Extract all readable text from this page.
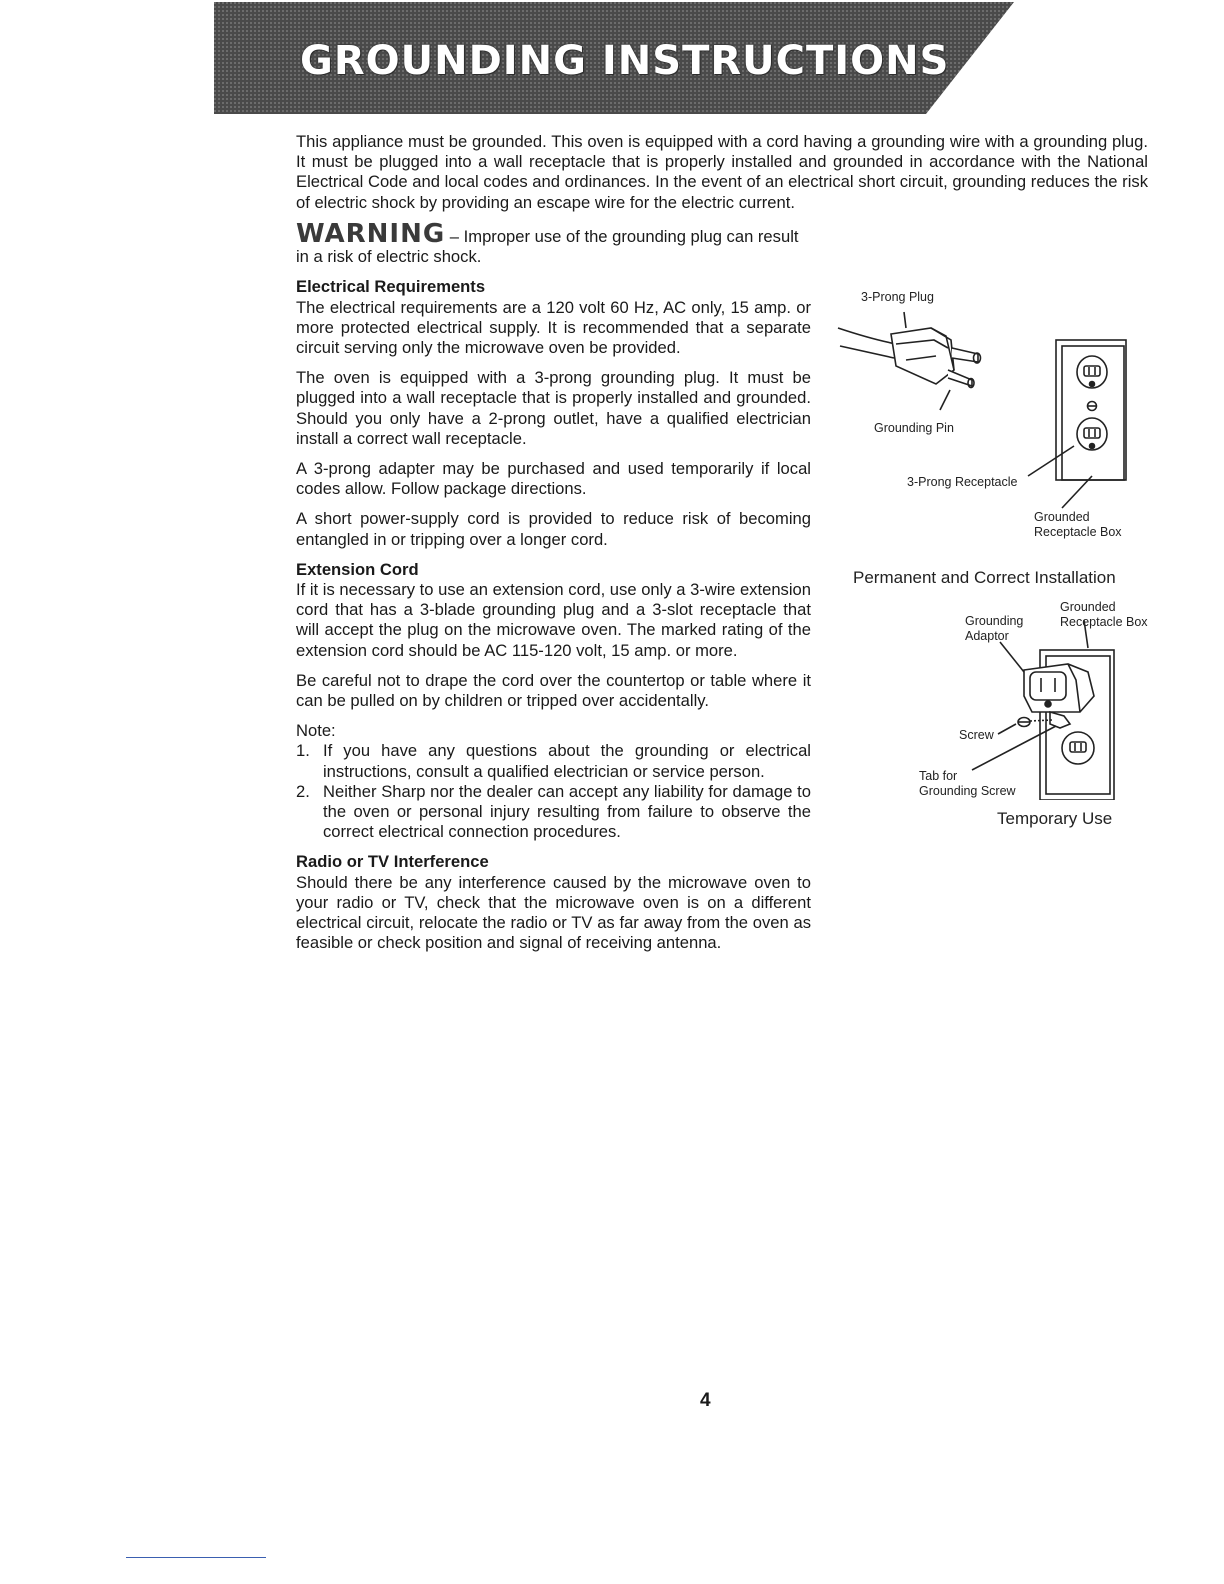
GROUNDING INSTRUCTIONS

This appliance must be grounded. This oven is equipped with a cord having a grounding wire with a grounding plug. It must be plugged into a wall receptacle that is properly installed and grounded in accordance with the National Electrical Code and local codes and ordinances. In the event of an electrical short circuit, grounding reduces the risk of electric shock by providing an escape wire for the electric current.

WARNING – Improper use of the grounding plug can result in a risk of electric shock.
Electrical Requirements

The electrical requirements are a 120 volt 60 Hz, AC only, 15 amp. or more protected electrical supply. It is recommended that a separate circuit serving only the microwave oven be provided.

The oven is equipped with a 3-prong grounding plug. It must be plugged into a wall receptacle that is properly installed and grounded. Should you only have a 2-prong outlet, have a qualified electrician install a correct wall receptacle.

A 3-prong adapter may be purchased and used temporarily if local codes allow. Follow package directions.

A short power-supply cord is provided to reduce risk of becoming entangled in or tripping over a longer cord.

Extension Cord

If it is necessary to use an extension cord, use only a 3-wire extension cord that has a 3-blade grounding plug and a 3-slot receptacle that will accept the plug on the microwave oven. The marked rating of the extension cord should be AC 115-120 volt, 15 amp. or more.

Be careful not to drape the cord over the countertop or table where it can be pulled on by children or tripped over accidentally.

Note:
1. If you have any questions about the grounding or electrical instructions, consult a qualified electrician or service person.
2. Neither Sharp nor the dealer can accept any liability for damage to the oven or personal injury resulting from failure to observe the correct electrical connection procedures.
Radio or TV Interference

Should there be any interference caused by the microwave oven to your radio or TV, check that the microwave oven is on a different electrical circuit, relocate the radio or TV as far away from the oven as feasible or check position and signal of receiving antenna.

3-Prong Plug
Grounding Pin
3-Prong Receptacle
Grounded
Receptacle Box
Permanent and Correct Installation
Grounded
Receptacle Box
Grounding
Adaptor
Screw
Tab for
Grounding Screw
Temporary Use
4
